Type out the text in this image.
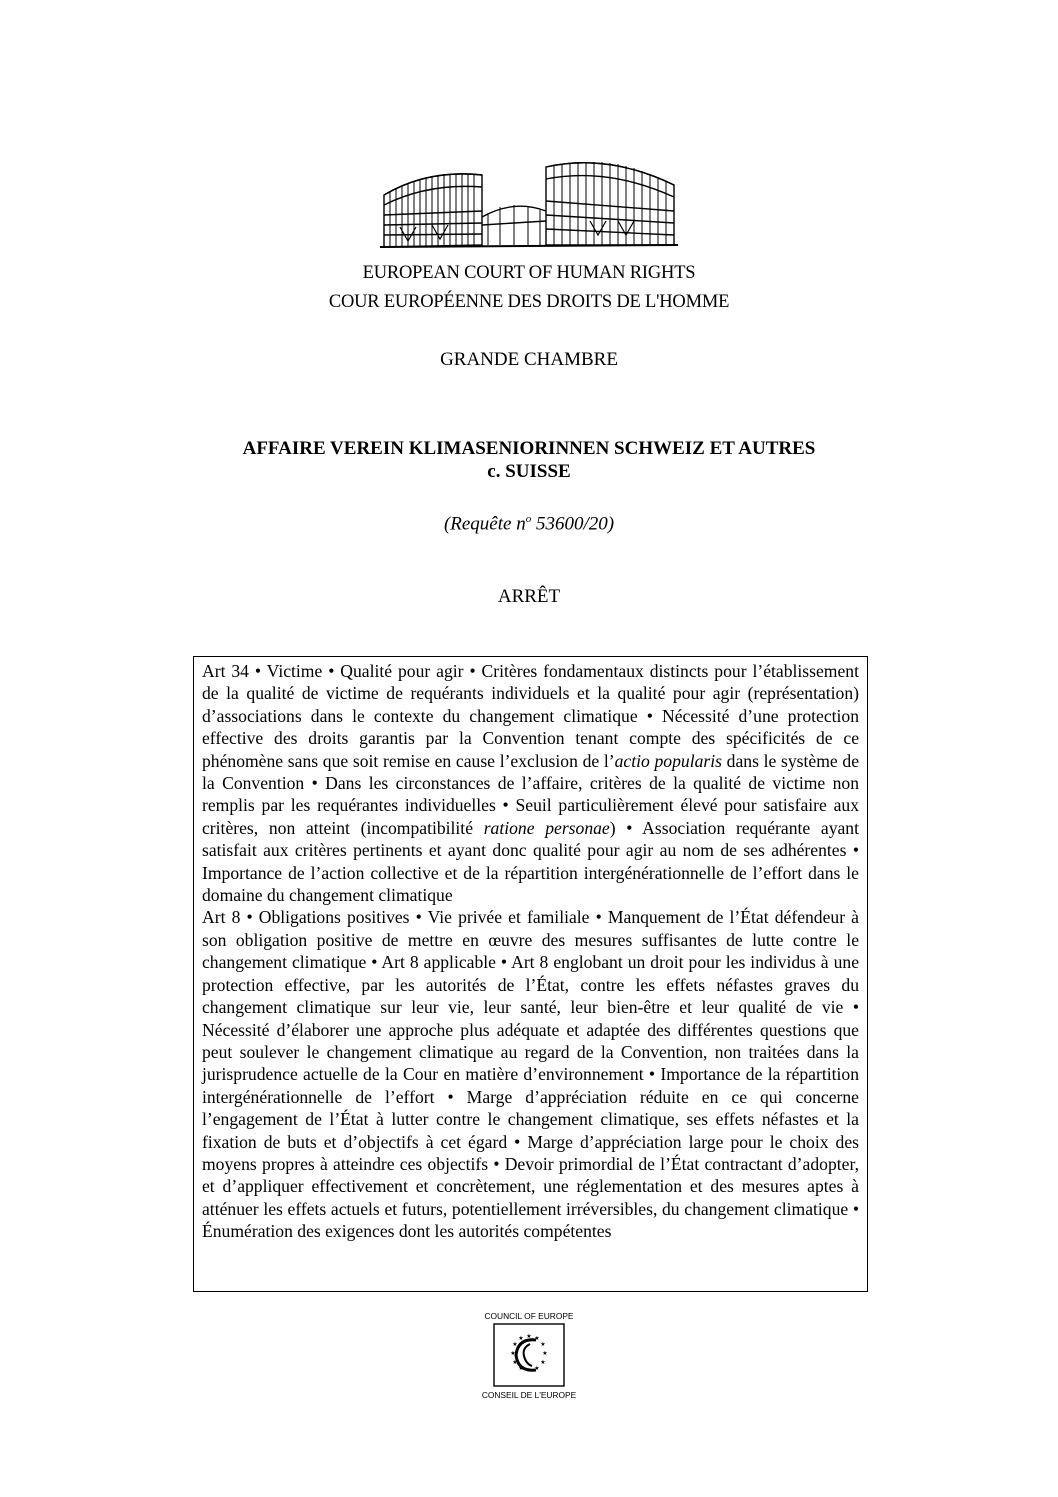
EUROPEAN COURT OF HUMAN RIGHTS
COUR EUROPÉENNE DES DROITS DE L'HOMME
GRANDE CHAMBRE
AFFAIRE VEREIN KLIMASENIORINNEN SCHWEIZ ET AUTRES
c. SUISSE
(Requête $n^o$ 53600/20)
ARRÊT

Art 34 • Victime • Qualité pour agir • Critères fondamentaux distincts pour l’établissement de la qualité de victime de requérants individuels et la qualité pour agir (représentation) d’associations dans le contexte du changement climatique • Nécessité d’une protection effective des droits garantis par la Convention tenant compte des spécificités de ce phénomène sans que soit remise en cause l’exclusion de l’actio popularis dans le système de la Convention • Dans les circonstances de l’affaire, critères de la qualité de victime non remplis par les requérantes individuelles • Seuil particulièrement élevé pour satisfaire aux critères, non atteint (incompatibilité ratione personae) • Association requérante ayant satisfait aux critères pertinents et ayant donc qualité pour agir au nom de ses adhérentes • Importance de l’action collective et de la répartition intergénérationnelle de l’effort dans le domaine du changement climatique

Art 8 • Obligations positives • Vie privée et familiale • Manquement de l’État défendeur à son obligation positive de mettre en œuvre des mesures suffisantes de lutte contre le changement climatique • Art 8 applicable • Art 8 englobant un droit pour les individus à une protection effective, par les autorités de l’État, contre les effets néfastes graves du changement climatique sur leur vie, leur santé, leur bien-être et leur qualité de vie • Nécessité d’élaborer une approche plus adéquate et adaptée des différentes questions que peut soulever le changement climatique au regard de la Convention, non traitées dans la jurisprudence actuelle de la Cour en matière d’environnement • Importance de la répartition intergénérationnelle de l’effort • Marge d’appréciation réduite en ce qui concerne l’engagement de l’État à lutter contre le changement climatique, ses effets néfastes et la fixation de buts et d’objectifs à cet égard • Marge d’appréciation large pour le choix des moyens propres à atteindre ces objectifs • Devoir primordial de l’État contractant d’adopter, et d’appliquer effectivement et concrètement, une réglementation et des mesures aptes à atténuer les effets actuels et futurs, potentiellement irréversibles, du changement climatique • Énumération des exigences dont les autorités compétentes

COUNCIL OF EUROPE
★ ★
★
★
★
★
★
★
★
★
★
★
CONSEIL DE L'EUROPE
